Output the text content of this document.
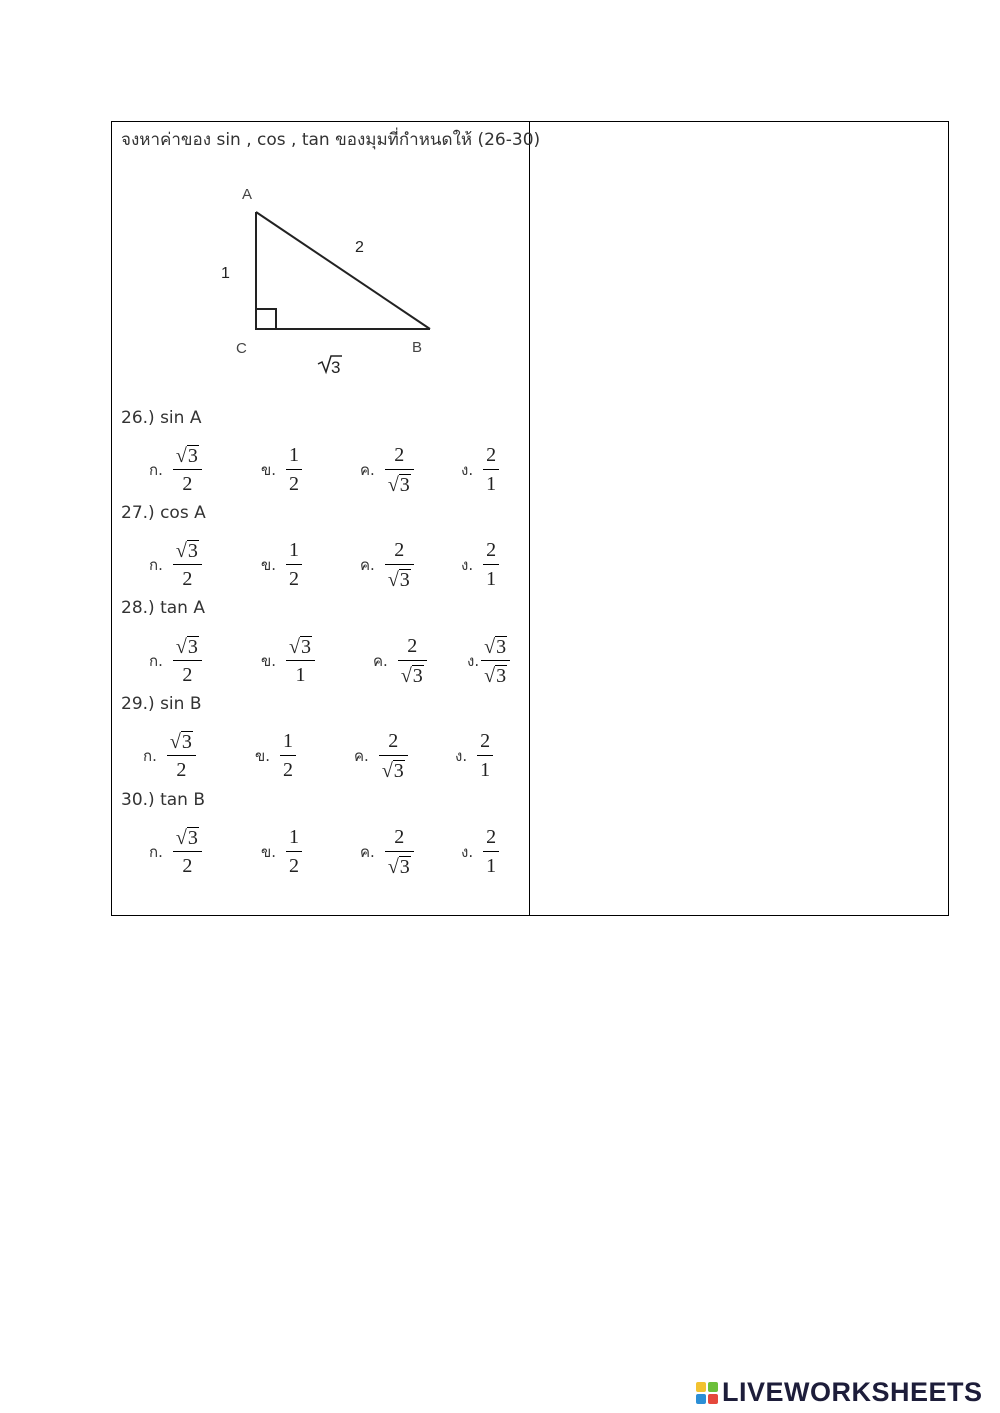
จงหาค่าของ sin , cos , tan ของมุมที่กำหนดให้ (26-30)
A
C	B
1
2
3
26.) sin A
ก. $\frac{√ 3}{2}$	ข. $\frac{1}{2}$	ค. $\frac{2}{√ 3}$	ง. $\frac{2}{1}$
27.) cos A
ก. $\frac{√ 3}{2}$	ข. $\frac{1}{2}$	ค. $\frac{2}{√ 3}$	ง. $\frac{2}{1}$
28.) tan A
ก. $\frac{√ 3}{2}$	ข. $\frac{√ 3}{1}$	ค. $\frac{2}{√ 3}$	ง. $\frac{√ 3}{√ 3}$
29.) sin B
ก. $\frac{√ 3}{2}$	ข. $\frac{1}{2}$	ค. $\frac{2}{√ 3}$	ง. $\frac{2}{1}$
30.) tan B
ก. $\frac{√ 3}{2}$	ข. $\frac{1}{2}$	ค. $\frac{2}{√ 3}$	ง. $\frac{2}{1}$
LIVEWORKSHEETS
